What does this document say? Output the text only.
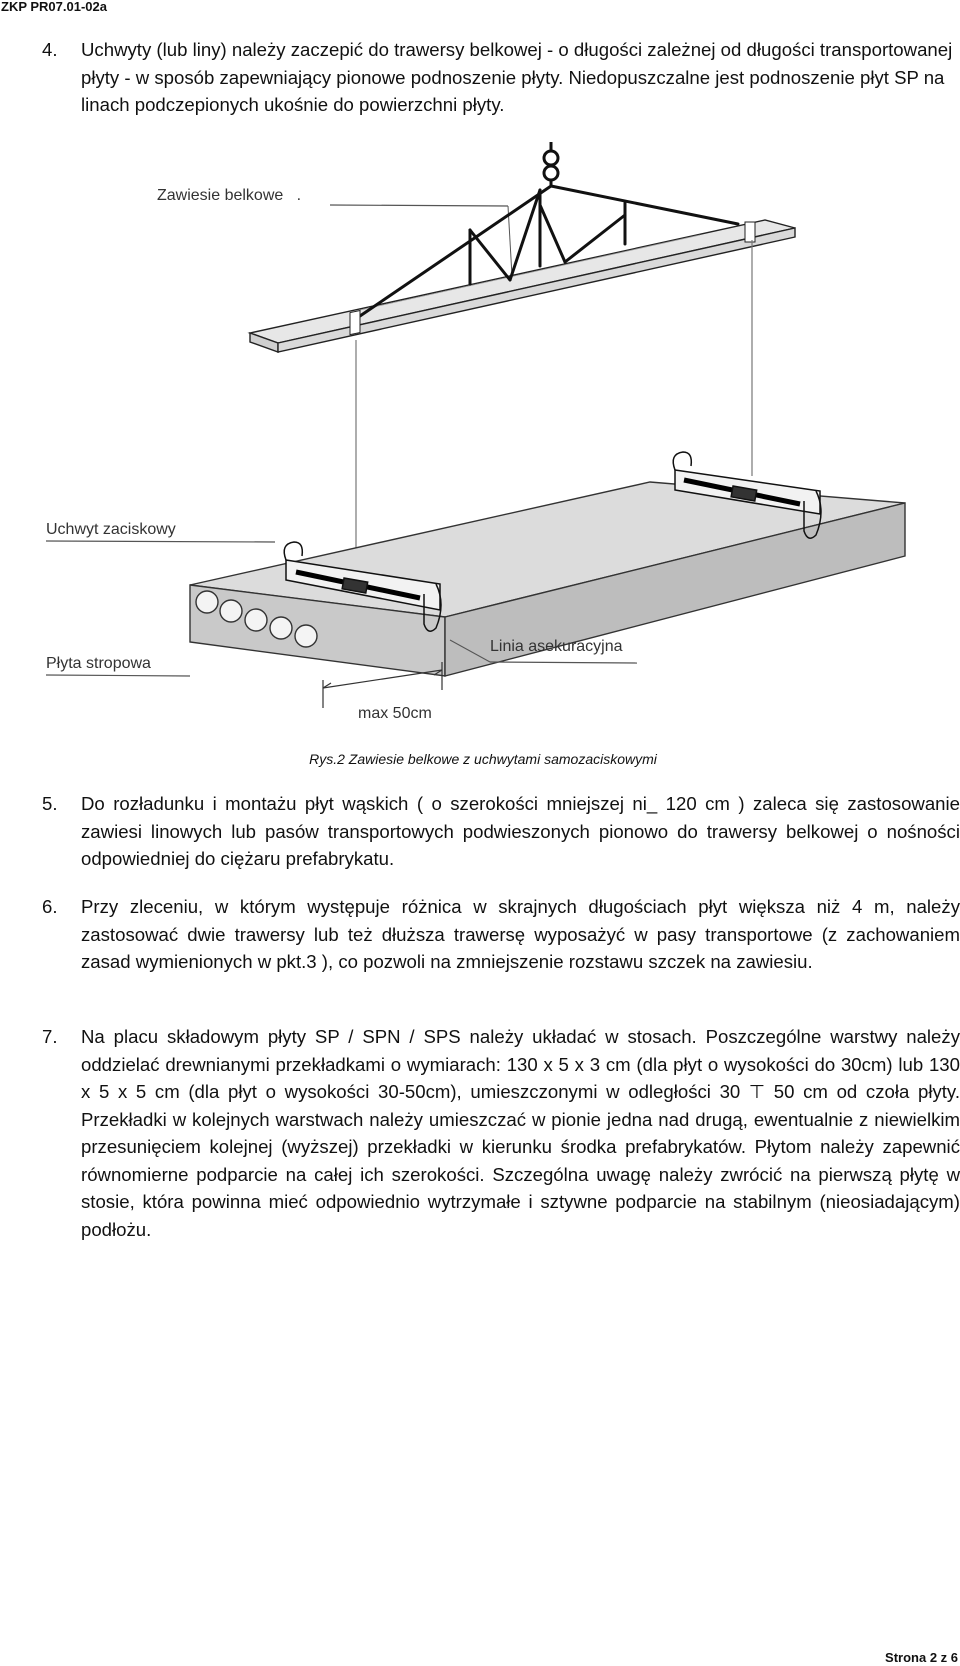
ZKP PR07.01-02a
4. Uchwyty (lub liny) należy zaczepić do trawersy belkowej - o długości zależnej od długości transportowanej płyty - w sposób zapewniający pionowe podnoszenie płyty. Niedopuszczalne jest podnoszenie płyt SP na linach podczepionych ukośnie do powierzchni płyty.
Zawiesie belkowe .
Uchwyt zaciskowy
Płyta stropowa
Linia asekuracyjna
max 50cm
Rys.2 Zawiesie belkowe z uchwytami samozaciskowymi
5. Do rozładunku i montażu płyt wąskich ( o szerokości mniejszej ni_ 120 cm ) zaleca się zastosowanie zawiesi linowych lub pasów transportowych podwieszonych pionowo do trawersy belkowej o nośności odpowiedniej do ciężaru prefabrykatu.
6. Przy zleceniu, w którym występuje różnica w skrajnych długościach płyt większa niż 4 m, należy zastosować dwie trawersy lub też dłuższa trawersę wyposażyć w pasy transportowe (z zachowaniem zasad wymienionych w pkt.3 ), co pozwoli na zmniejszenie rozstawu szczek na zawiesiu.
7. Na placu składowym płyty SP / SPN / SPS należy układać w stosach. Poszczególne warstwy należy oddzielać drewnianymi przekładkami o wymiarach: 130 x 5 x 3 cm (dla płyt o wysokości do 30cm) lub 130 x 5 x 5 cm (dla płyt o wysokości 30-50cm), umieszczonymi w odległości 30 ⊤ 50 cm od czoła płyty. Przekładki w kolejnych warstwach należy umieszczać w pionie jedna nad drugą, ewentualnie z niewielkim przesunięciem kolejnej (wyższej) przekładki w kierunku środka prefabrykatów. Płytom należy zapewnić równomierne podparcie na całej ich szerokości. Szczególna uwagę należy zwrócić na pierwszą płytę w stosie, która powinna mieć odpowiednio wytrzymałe i sztywne podparcie na stabilnym (nieosiadającym) podłożu.
Strona 2 z 6
